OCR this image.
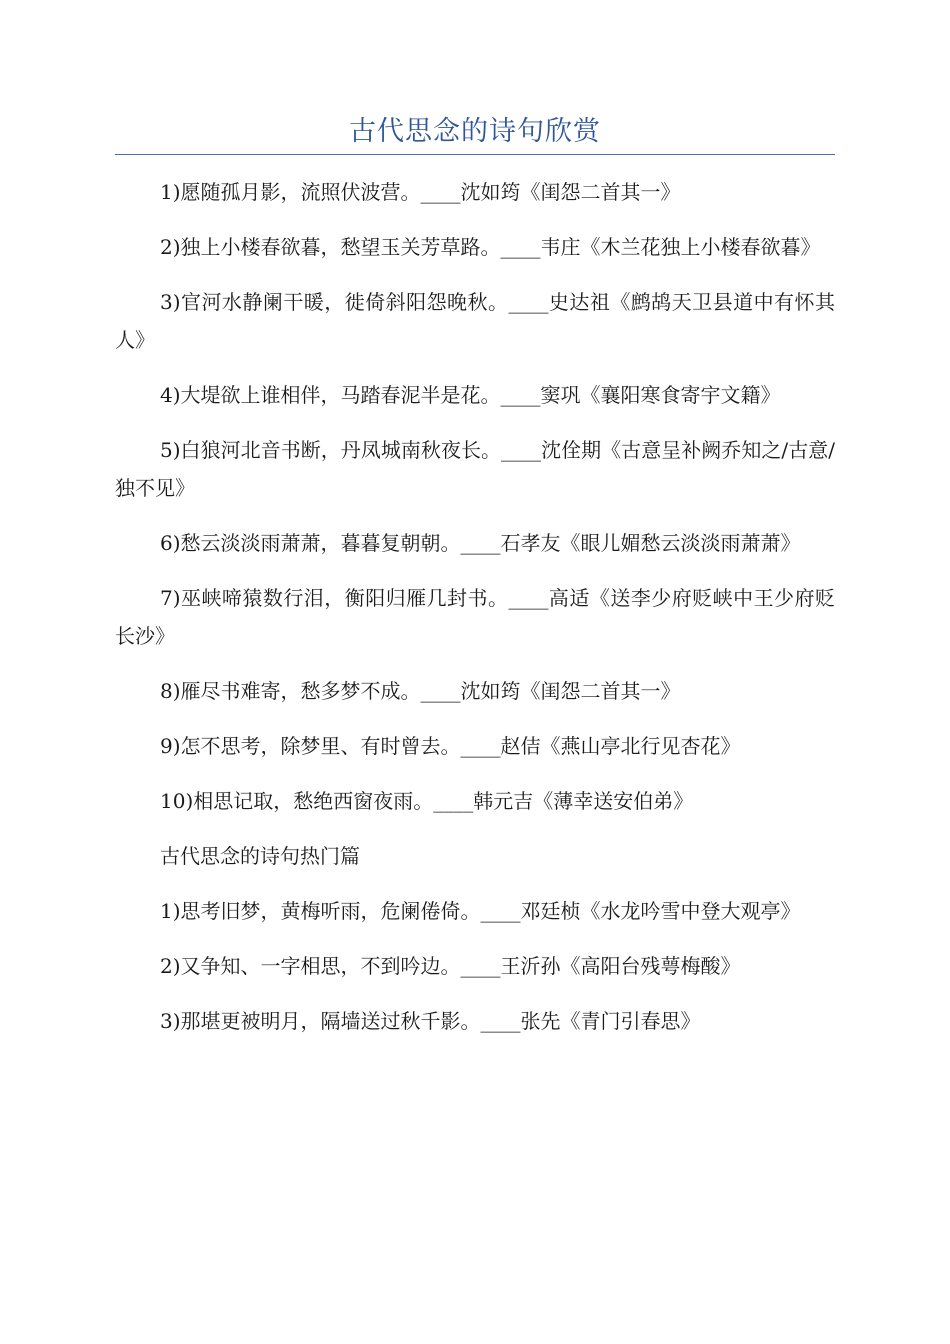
古代思念的诗句欣赏

1)愿随孤月影，流照伏波营。____沈如筠《闺怨二首其一》

2)独上小楼春欲暮，愁望玉关芳草路。____韦庄《木兰花独上小楼春欲暮》

3)官河水静阑干暖，徙倚斜阳怨晚秋。____史达祖《鹧鸪天卫县道中有怀其人》

4)大堤欲上谁相伴，马踏春泥半是花。____窦巩《襄阳寒食寄宇文籍》

5)白狼河北音书断，丹凤城南秋夜长。____沈佺期《古意呈补阙乔知之/古意/独不见》

6)愁云淡淡雨萧萧，暮暮复朝朝。____石孝友《眼儿媚愁云淡淡雨萧萧》

7)巫峡啼猿数行泪，衡阳归雁几封书。____高适《送李少府贬峡中王少府贬长沙》

8)雁尽书难寄，愁多梦不成。____沈如筠《闺怨二首其一》

9)怎不思考，除梦里、有时曾去。____赵佶《燕山亭北行见杏花》

10)相思记取，愁绝西窗夜雨。____韩元吉《薄幸送安伯弟》

古代思念的诗句热门篇

1)思考旧梦，黄梅听雨，危阑倦倚。____邓廷桢《水龙吟雪中登大观亭》

2)又争知、一字相思，不到吟边。____王沂孙《高阳台残萼梅酸》

3)那堪更被明月，隔墙送过秋千影。____张先《青门引春思》
